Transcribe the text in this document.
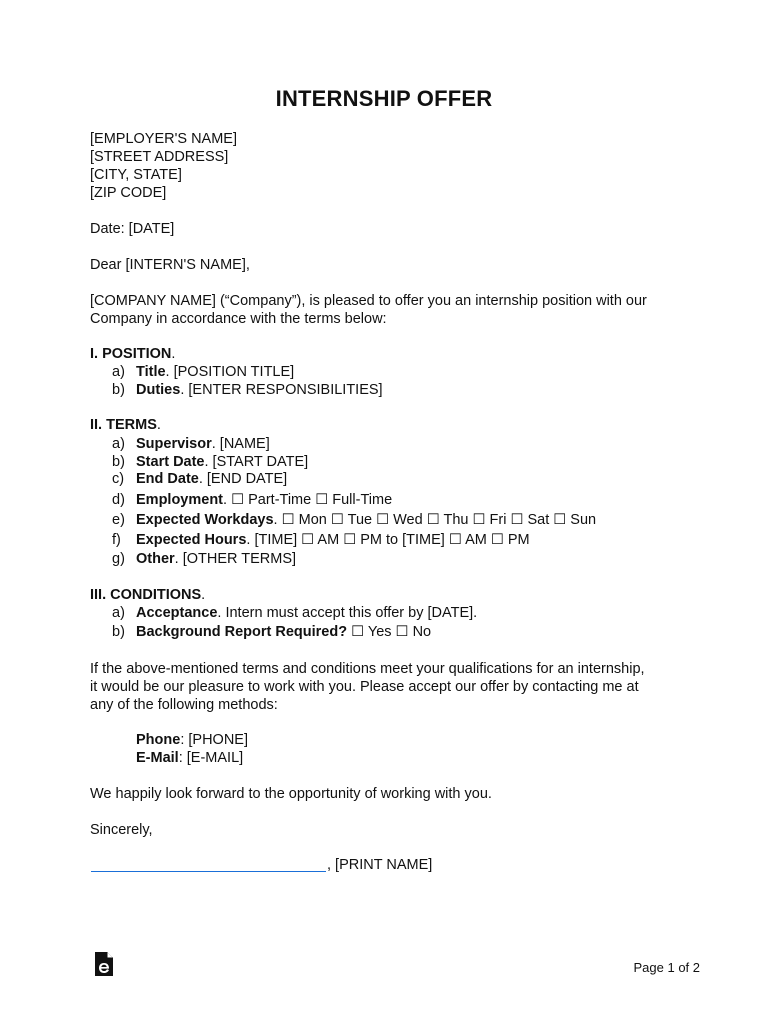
INTERNSHIP OFFER
[EMPLOYER'S NAME]
[STREET ADDRESS]
[CITY, STATE]
[ZIP CODE]
Date: [DATE]
Dear [INTERN'S NAME],
[COMPANY NAME] (“Company”), is pleased to offer you an internship position with our
Company in accordance with the terms below:
I. POSITION.
a) Title. [POSITION TITLE]
b) Duties. [ENTER RESPONSIBILITIES]
II. TERMS.
a) Supervisor. [NAME]
b) Start Date. [START DATE]
c) End Date. [END DATE]
d) Employment. ☐ Part-Time ☐ Full-Time
e) Expected Workdays. ☐ Mon ☐ Tue ☐ Wed ☐ Thu ☐ Fri ☐ Sat ☐ Sun
f) Expected Hours. [TIME] ☐ AM ☐ PM to [TIME] ☐ AM ☐ PM
g) Other. [OTHER TERMS]
III. CONDITIONS.
a) Acceptance. Intern must accept this offer by [DATE].
b) Background Report Required? ☐ Yes ☐ No
If the above-mentioned terms and conditions meet your qualifications for an internship,
it would be our pleasure to work with you. Please accept our offer by contacting me at
any of the following methods:
Phone: [PHONE]
E-Mail: [E-MAIL]
We happily look forward to the opportunity of working with you.
Sincerely,
, [PRINT NAME]
Page 1 of 2
